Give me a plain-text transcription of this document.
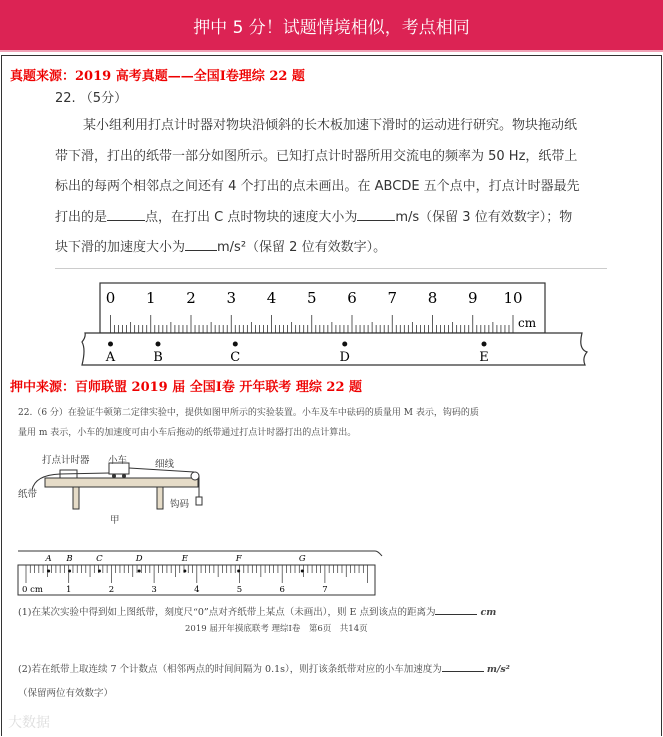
押中 5 分！试题情境相似，考点相同
真题来源：2019 高考真题——全国Ⅰ卷理综 22 题
22. （5分）
某小组利用打点计时器对物块沿倾斜的长木板加速下滑时的运动进行研究。物块拖动纸
带下滑，打出的纸带一部分如图所示。已知打点计时器所用交流电的频率为 50 Hz，纸带上
标出的每两个相邻点之间还有 4 个打出的点未画出。在 ABCDE 五个点中，打点计时器最先
打出的是	点，在打出 C 点时物块的速度大小为	m/s（保留 3 位有效数字）；物
块下滑的加速度大小为 m/s²（保留 2 位有效数字）。
0 1 2 3 4 5 6 7 8 9 10
A	B	C	D	E
cm
押中来源：百师联盟 2019 届 全国Ⅰ卷 开年联考 理综 22 题
22.（6 分）在验证牛顿第二定律实验中，提供如图甲所示的实验装置。小车及车中砝码的质量用 M 表示，钩码的质
量用 m 表示，小车的加速度可由小车后拖动的纸带通过打点计时器打出的点计算出。
打点计时器 小车	细线
纸带
钩码
甲
0 cm	1	2	3	4	5	6	7
A B	C	D	E	F	G
(1)在某次实验中得到如上图纸带，刻度尺“0”点对齐纸带上某点（未画出），则 E 点到该点的距离为	cm
2019 届开年摸底联考 理综Ⅰ卷　第6页　共14页
(2)若在纸带上取连续 7 个计数点（相邻两点的时间间隔为 0.1s），则打该条纸带对应的小车加速度为	m/s²
（保留两位有效数字）
大数据
